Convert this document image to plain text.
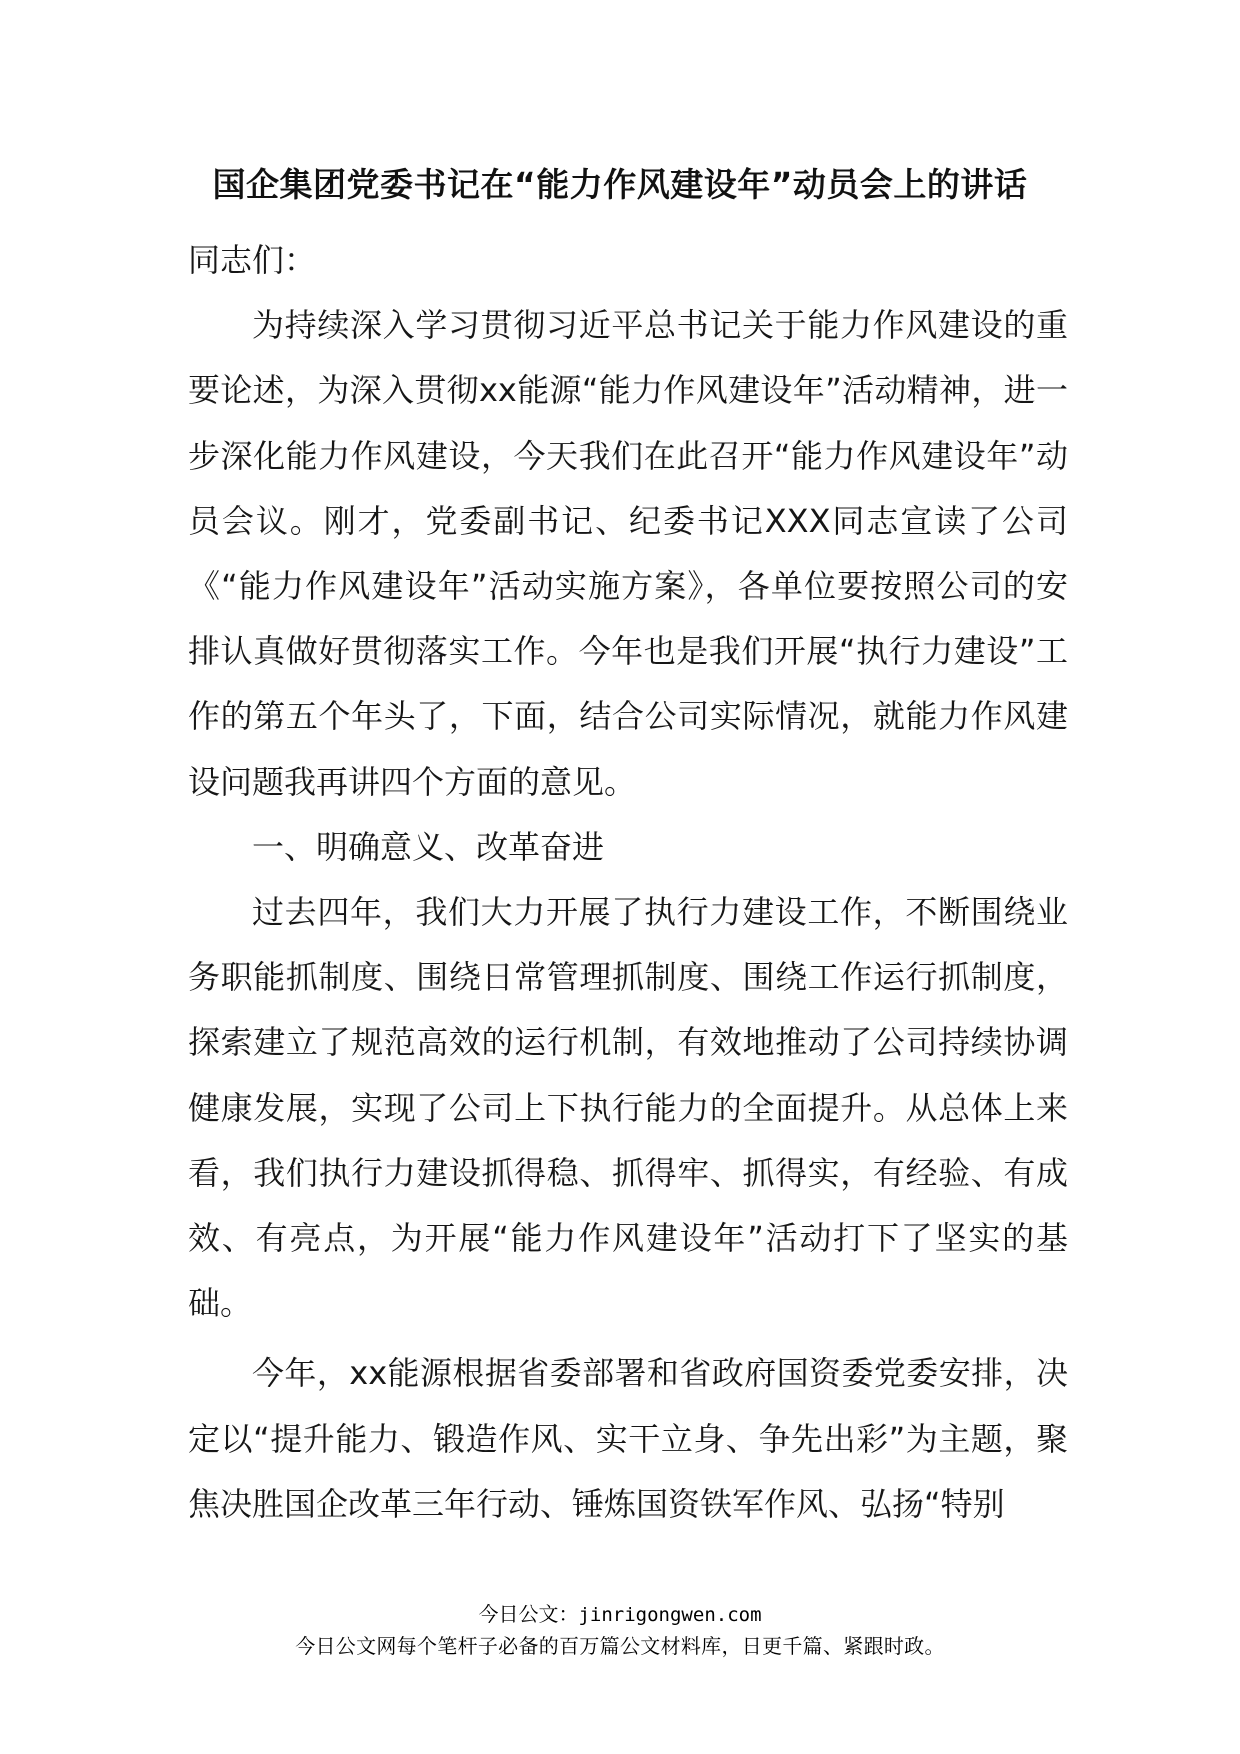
国企集团党委书记在“能力作风建设年”动员会上的讲话

同志们：

为持续深入学习贯彻习近平总书记关于能力作风建设的重要论述，为深入贯彻xx能源“能力作风建设年”活动精神，进一步深化能力作风建设，今天我们在此召开“能力作风建设年”动员会议。刚才，党委副书记、纪委书记XXX同志宣读了公司《“能力作风建设年”活动实施方案》，各单位要按照公司的安排认真做好贯彻落实工作。今年也是我们开展“执行力建设”工作的第五个年头了，下面，结合公司实际情况，就能力作风建设问题我再讲四个方面的意见。

一、明确意义、改革奋进

过去四年，我们大力开展了执行力建设工作，不断围绕业务职能抓制度、围绕日常管理抓制度、围绕工作运行抓制度，探索建立了规范高效的运行机制，有效地推动了公司持续协调健康发展，实现了公司上下执行能力的全面提升。从总体上来看，我们执行力建设抓得稳、抓得牢、抓得实，有经验、有成效、有亮点，为开展“能力作风建设年”活动打下了坚实的基础。

今年，xx能源根据省委部署和省政府国资委党委安排，决定以“提升能力、锻造作风、实干立身、争先出彩”为主题，聚焦决胜国企改革三年行动、锤炼国资铁军作风、弘扬“特别

今日公文：jinrigongwen.com
今日公文网每个笔杆子必备的百万篇公文材料库，日更千篇、紧跟时政。
